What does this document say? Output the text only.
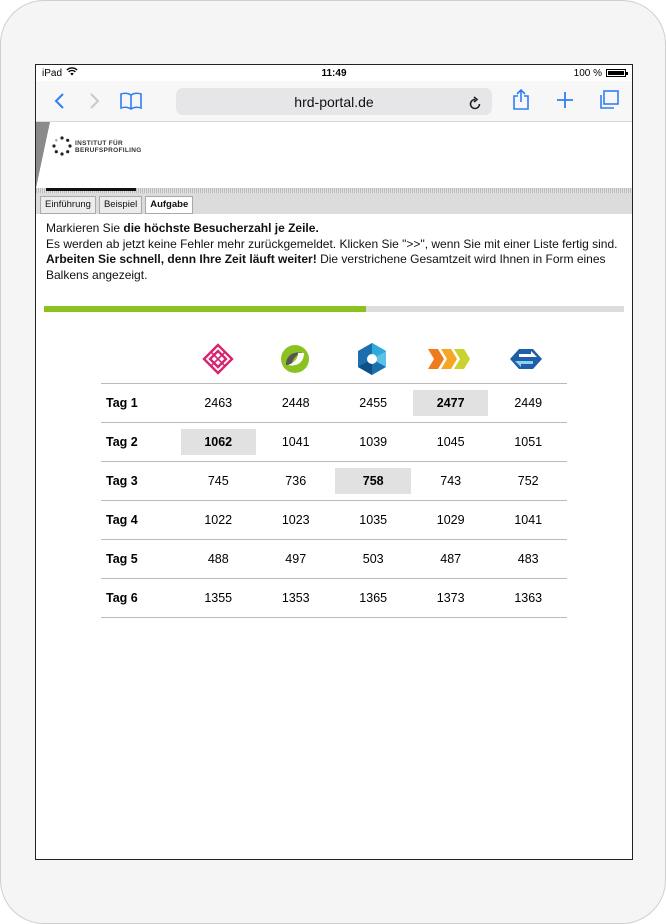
iPad	11:49	100 %
hrd-portal.de
INSTITUT FÜR
BERUFSPROFILING
Einführung	Beispiel	Aufgabe
Markieren Sie die höchste Besucherzahl je Zeile.
Es werden ab jetzt keine Fehler mehr zurückgemeldet. Klicken Sie ">>", wenn Sie mit einer Liste fertig sind. Arbeiten Sie schnell, denn Ihre Zeit läuft weiter! Die verstrichene Gesamtzeit wird Ihnen in Form eines Balkens angezeigt.
Tag 1	2463	2448	2455	2477	2449

Tag 2	1062	1041	1039	1045	1051

Tag 3	745	736	758	743	752

Tag 4	1022	1023	1035	1029	1041

Tag 5	488	497	503	487	483

Tag 6	1355	1353	1365	1373	1363
